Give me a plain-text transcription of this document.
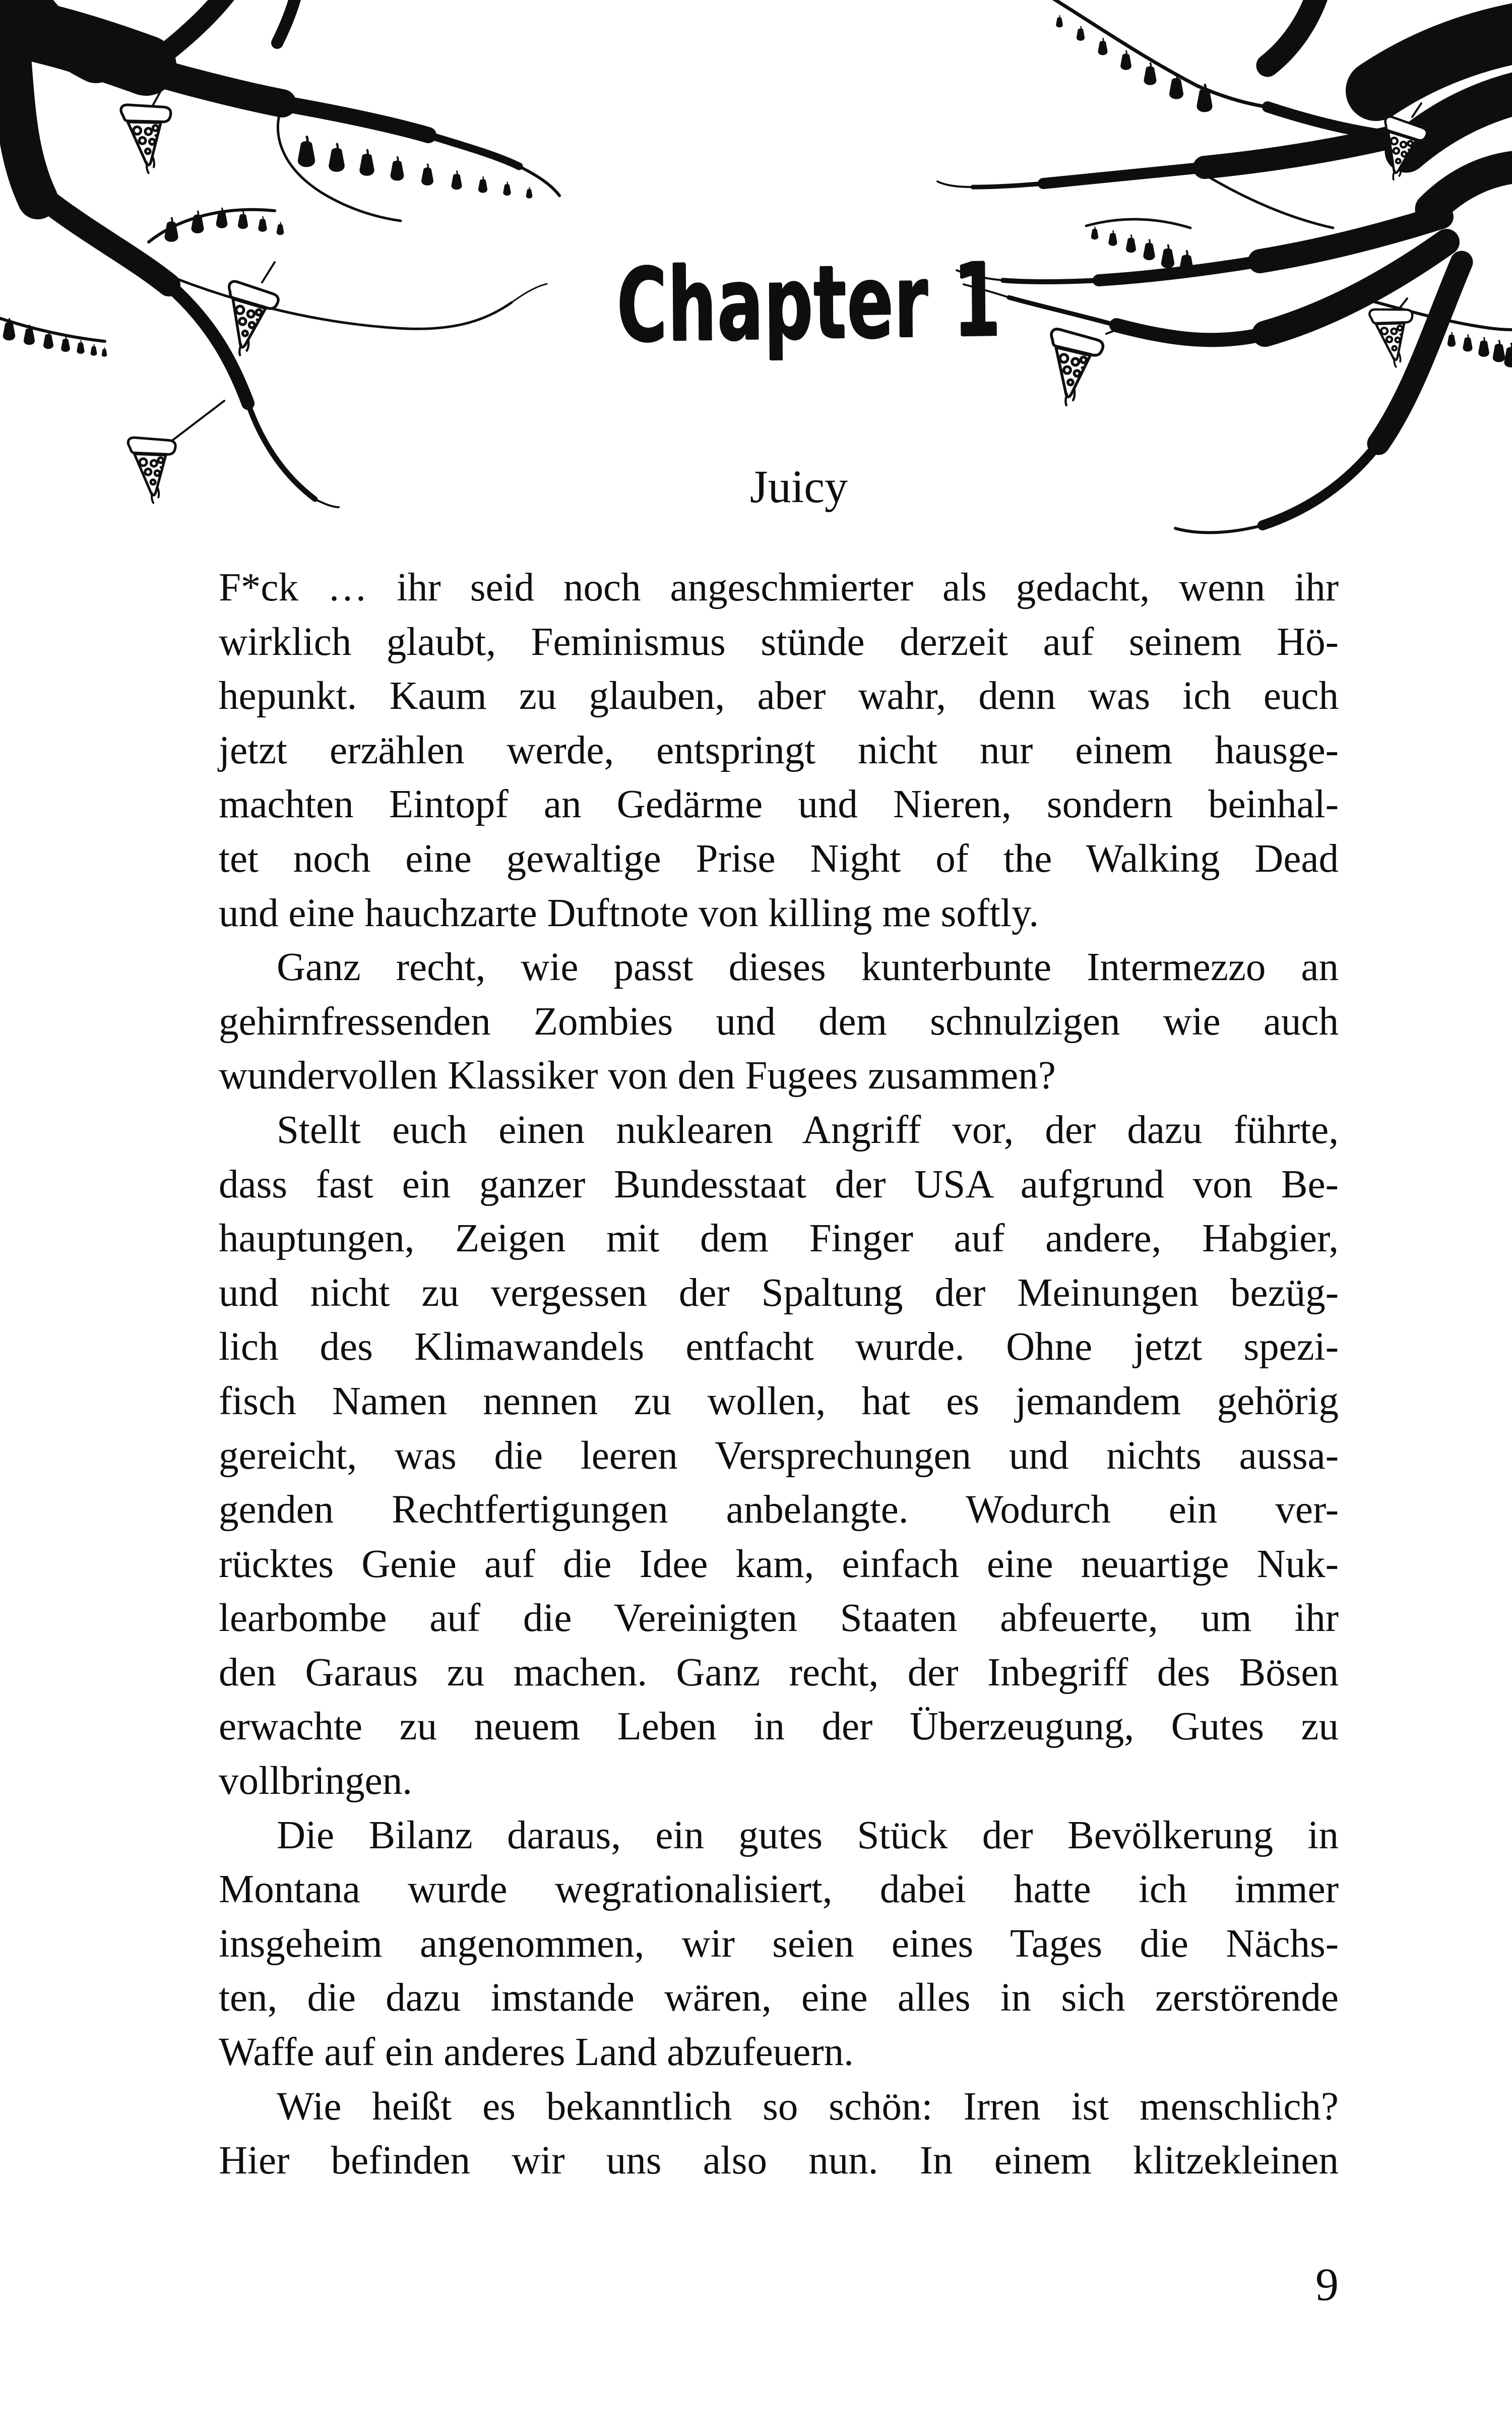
Chapter 1
Juicy
F*ck … ihr seid noch angeschmierter als gedacht, wenn ihr
wirklich glaubt, Feminismus stünde derzeit auf seinem Hö-
hepunkt. Kaum zu glauben, aber wahr, denn was ich euch
jetzt erzählen werde, entspringt nicht nur einem hausge-
machten Eintopf an Gedärme und Nieren, sondern beinhal-
tet noch eine gewaltige Prise Night of the Walking Dead
und eine hauchzarte Duftnote von killing me softly.
Ganz recht, wie passt dieses kunterbunte Intermezzo an
gehirnfressenden Zombies und dem schnulzigen wie auch
wundervollen Klassiker von den Fugees zusammen?
Stellt euch einen nuklearen Angriff vor, der dazu führte,
dass fast ein ganzer Bundesstaat der USA aufgrund von Be-
hauptungen, Zeigen mit dem Finger auf andere, Habgier,
und nicht zu vergessen der Spaltung der Meinungen bezüg-
lich des Klimawandels entfacht wurde. Ohne jetzt spezi-
fisch Namen nennen zu wollen, hat es jemandem gehörig
gereicht, was die leeren Versprechungen und nichts aussa-
genden Rechtfertigungen anbelangte. Wodurch ein ver-
rücktes Genie auf die Idee kam, einfach eine neuartige Nuk-
learbombe auf die Vereinigten Staaten abfeuerte, um ihr
den Garaus zu machen. Ganz recht, der Inbegriff des Bösen
erwachte zu neuem Leben in der Überzeugung, Gutes zu
vollbringen.
Die Bilanz daraus, ein gutes Stück der Bevölkerung in
Montana wurde wegrationalisiert, dabei hatte ich immer
insgeheim angenommen, wir seien eines Tages die Nächs-
ten, die dazu imstande wären, eine alles in sich zerstörende
Waffe auf ein anderes Land abzufeuern.
Wie heißt es bekanntlich so schön: Irren ist menschlich?
Hier befinden wir uns also nun. In einem klitzekleinen
9
